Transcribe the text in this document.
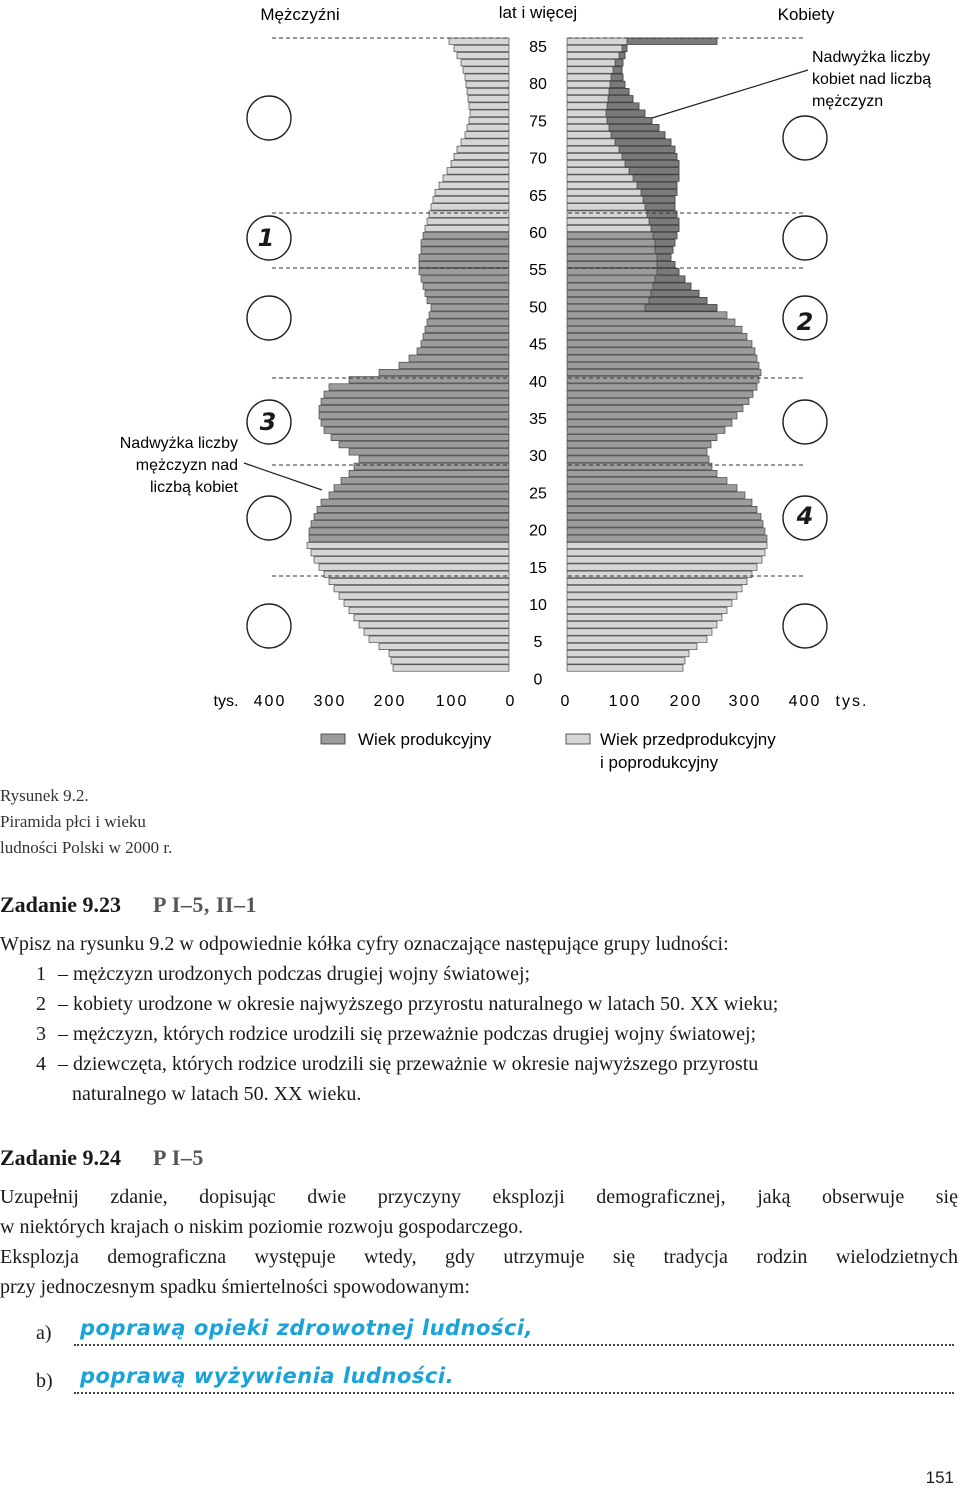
Mężczyźni	lat i więcej	Kobiety
85
80
75
70
65
60
55
50
45
40
35
30
25
20
15
10
5
0
tys. 400 300 200 100 0	0 100 200 300 400 tys.
Nadwyżka liczby
kobiet nad liczbą
mężczyzn
Nadwyżka liczby
mężczyzn nad
liczbą kobiet
1
3
2
4
Wiek produkcyjny	Wiek przedprodukcyjny
i poprodukcyjny
Rysunek 9.2.
Piramida płci i wieku
ludności Polski w 2000 r.
Zadanie 9.23 P I–5, II–1
Wpisz na rysunku 9.2 w odpowiednie kółka cyfry oznaczające następujące grupy ludności:
1 – mężczyzn urodzonych podczas drugiej wojny światowej;
2 – kobiety urodzone w okresie najwyższego przyrostu naturalnego w latach 50. XX wieku;
3 – mężczyzn, których rodzice urodzili się przeważnie podczas drugiej wojny światowej;
4 – dziewczęta, których rodzice urodzili się przeważnie w okresie najwyższego przyrostu
naturalnego w latach 50. XX wieku.
Zadanie 9.24 P I–5
Uzupełnij zdanie, dopisując dwie przyczyny eksplozji demograficznej, jaką obserwuje się
w niektórych krajach o niskim poziomie rozwoju gospodarczego.
Eksplozja demograficzna występuje wtedy, gdy utrzymuje się tradycja rodzin wielodzietnych
przy jednoczesnym spadku śmiertelności spowodowanym:
a) poprawą opieki zdrowotnej ludności,
b) poprawą wyżywienia ludności.
151
